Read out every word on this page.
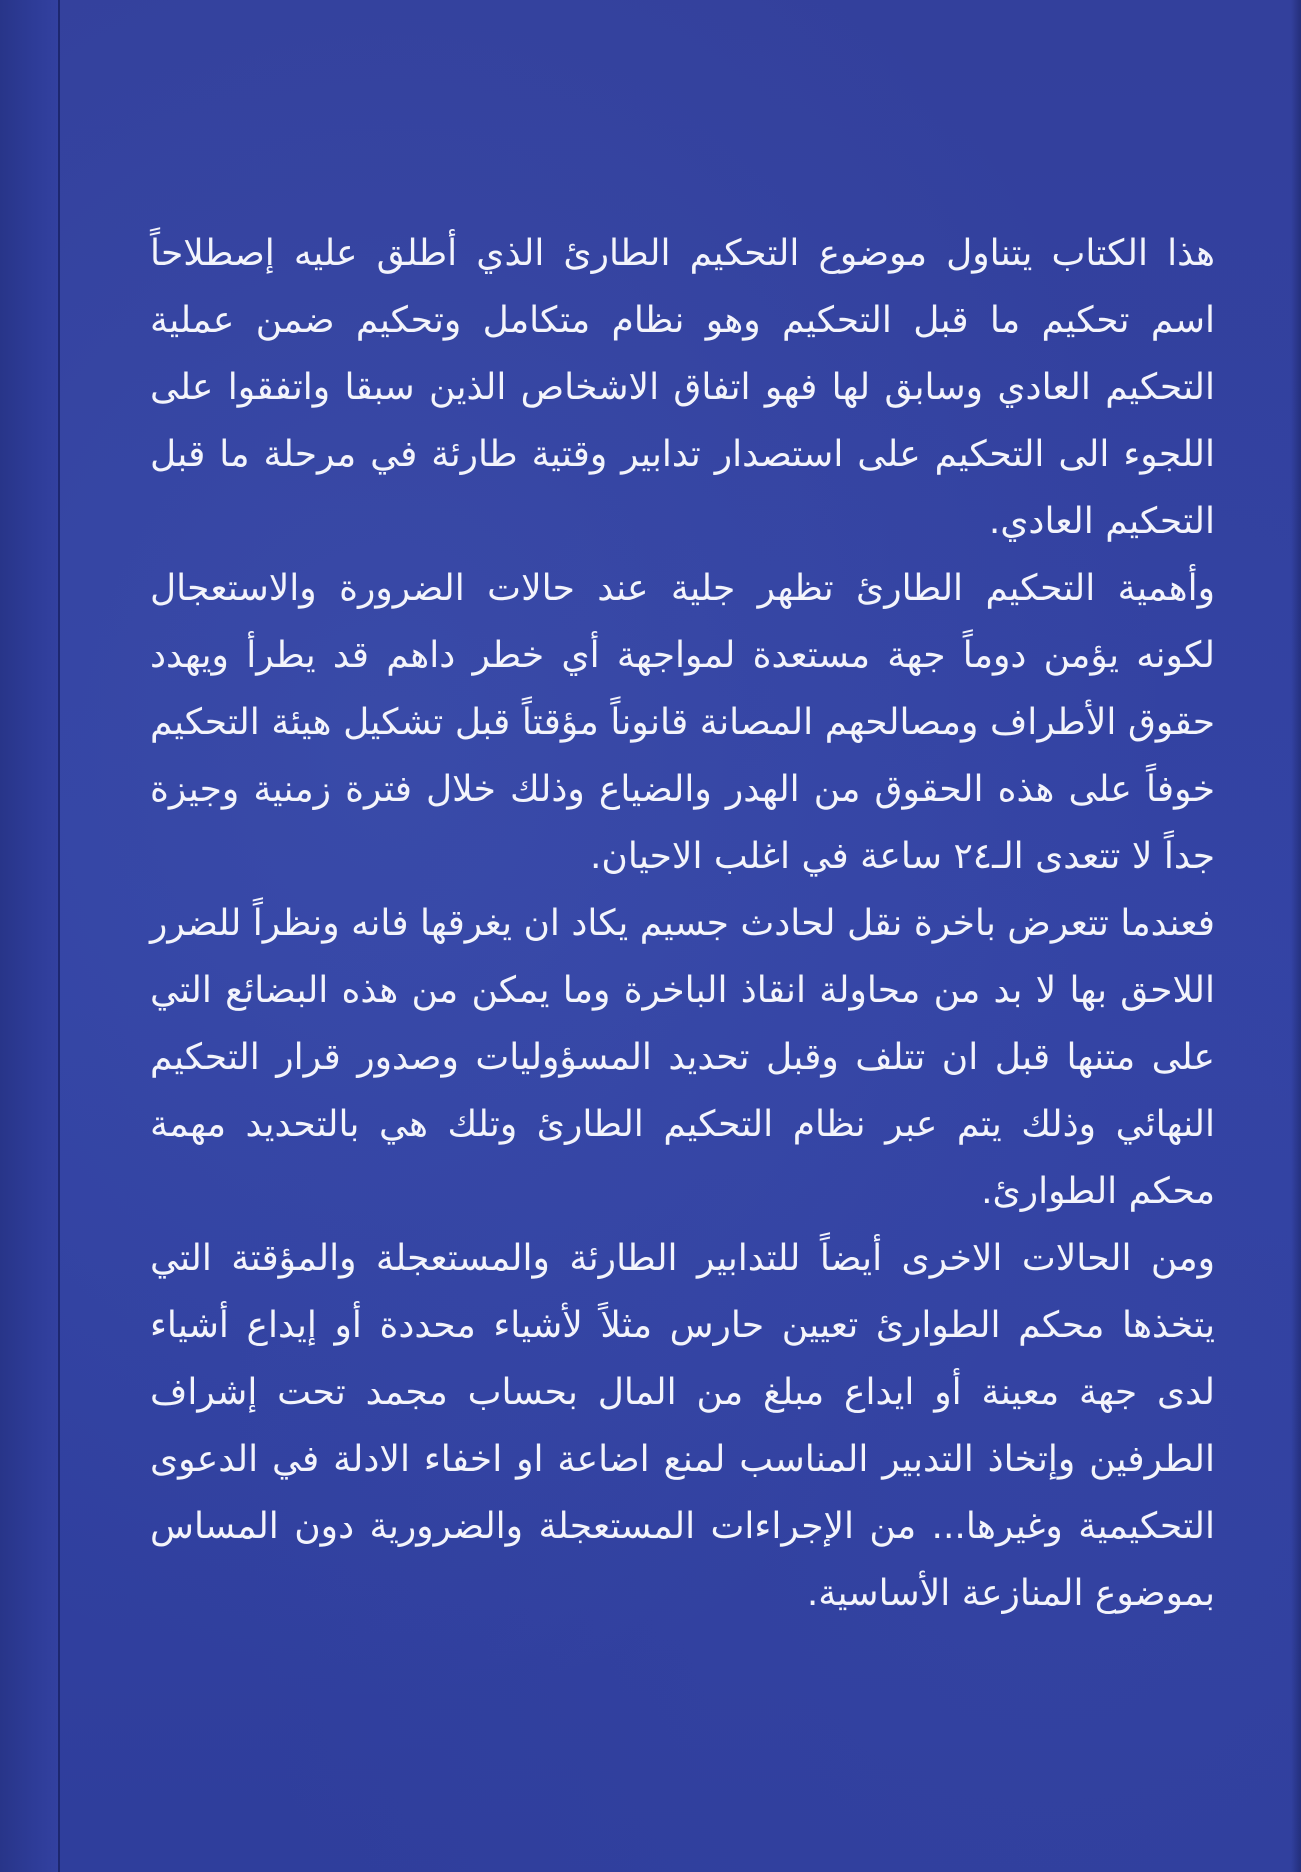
هذا الكتاب يتناول موضوع التحكيم الطارئ الذي أطلق عليه إصطلاحاً اسم تحكيم ما قبل التحكيم وهو نظام متكامل وتحكيم ضمن عملية التحكيم العادي وسابق لها فهو اتفاق الاشخاص الذين سبقا واتفقوا على اللجوء الى التحكيم على استصدار تدابير وقتية طارئة في مرحلة ما قبل التحكيم العادي.

وأهمية التحكيم الطارئ تظهر جلية عند حالات الضرورة والاستعجال لكونه يؤمن دوماً جهة مستعدة لمواجهة أي خطر داهم قد يطرأ ويهدد حقوق الأطراف ومصالحهم المصانة قانوناً مؤقتاً قبل تشكيل هيئة التحكيم خوفاً على هذه الحقوق من الهدر والضياع وذلك خلال فترة زمنية وجيزة جداً لا تتعدى الـ٢٤ ساعة في اغلب الاحيان.

فعندما تتعرض باخرة نقل لحادث جسيم يكاد ان يغرقها فانه ونظراً للضرر اللاحق بها لا بد من محاولة انقاذ الباخرة وما يمكن من هذه البضائع التي على متنها قبل ان تتلف وقبل تحديد المسؤوليات وصدور قرار التحكيم النهائي وذلك يتم عبر نظام التحكيم الطارئ وتلك هي بالتحديد مهمة محكم الطوارئ.

ومن الحالات الاخرى أيضاً للتدابير الطارئة والمستعجلة والمؤقتة التي يتخذها محكم الطوارئ تعيين حارس مثلاً لأشياء محددة أو إيداع أشياء لدى جهة معينة أو ايداع مبلغ من المال بحساب مجمد تحت إشراف الطرفين وإتخاذ التدبير المناسب لمنع اضاعة او اخفاء الادلة في الدعوى التحكيمية وغيرها... من الإجراءات المستعجلة والضرورية دون المساس بموضوع المنازعة الأساسية.
